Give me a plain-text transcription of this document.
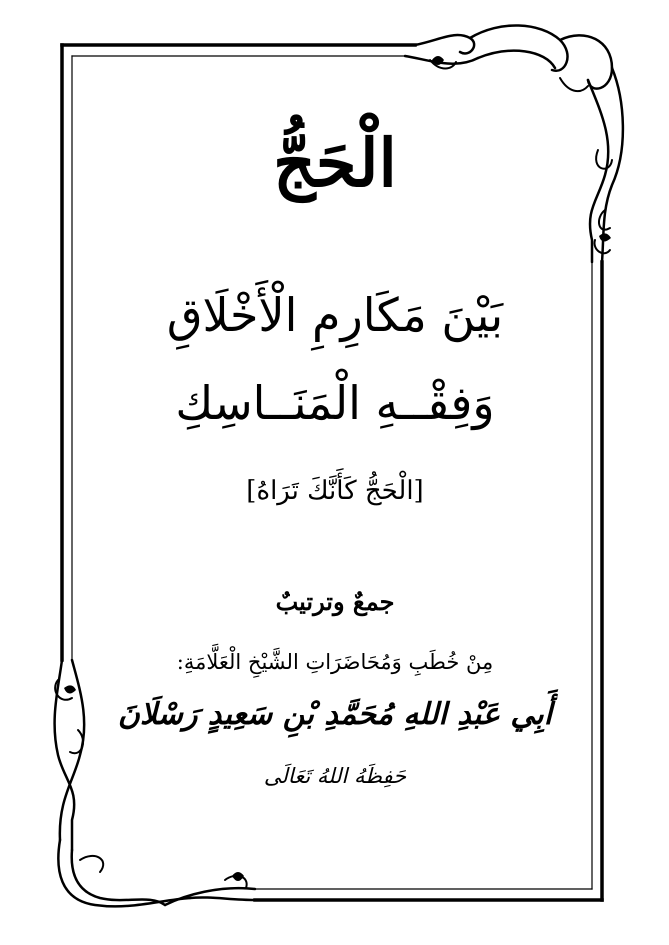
الْحَجُّ
بَيْنَ مَكَارِمِ الْأَخْلَاقِ
وَفِقْــهِ الْمَنَــاسِكِ
[الْحَجُّ كَأَنَّكَ تَرَاهُ]
جمعٌ وترتيبٌ
مِنْ خُطَبِ وَمُحَاضَرَاتِ الشَّيْخِ الْعَلَّامَةِ:
أَبِي عَبْدِ اللهِ مُحَمَّدِ بْنِ سَعِيدٍ رَسْلَانَ
حَفِظَهُ اللهُ تَعَالَى
